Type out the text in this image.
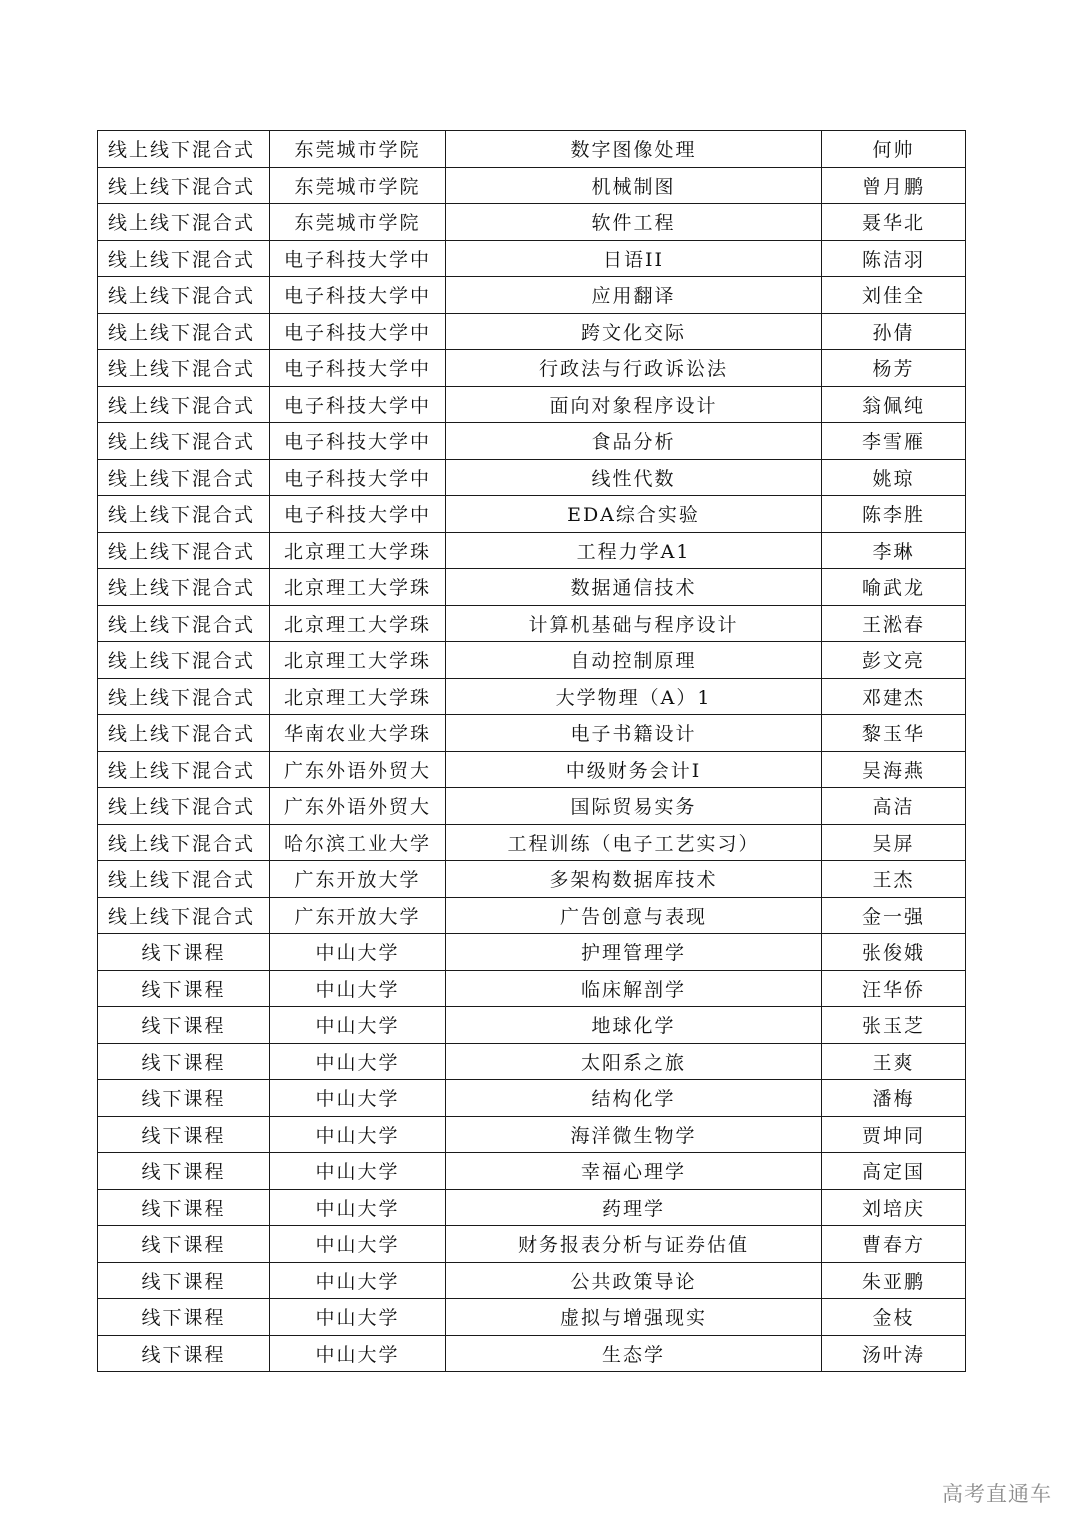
线上线下混合式	东莞城市学院	数字图像处理	何帅
线上线下混合式	东莞城市学院	机械制图	曾月鹏
线上线下混合式	东莞城市学院	软件工程	聂华北
线上线下混合式	电子科技大学中	日语II	陈洁羽
线上线下混合式	电子科技大学中	应用翻译	刘佳全
线上线下混合式	电子科技大学中	跨文化交际	孙倩
线上线下混合式	电子科技大学中	行政法与行政诉讼法	杨芳
线上线下混合式	电子科技大学中	面向对象程序设计	翁佩纯
线上线下混合式	电子科技大学中	食品分析	李雪雁
线上线下混合式	电子科技大学中	线性代数	姚琼
线上线下混合式	电子科技大学中	EDA综合实验	陈李胜
线上线下混合式	北京理工大学珠	工程力学A1	李琳
线上线下混合式	北京理工大学珠	数据通信技术	喻武龙
线上线下混合式	北京理工大学珠	计算机基础与程序设计	王淞春
线上线下混合式	北京理工大学珠	自动控制原理	彭文亮
线上线下混合式	北京理工大学珠	大学物理（A）1	邓建杰
线上线下混合式	华南农业大学珠	电子书籍设计	黎玉华
线上线下混合式	广东外语外贸大	中级财务会计I	吴海燕
线上线下混合式	广东外语外贸大	国际贸易实务	高洁
线上线下混合式	哈尔滨工业大学	工程训练（电子工艺实习）	吴屏
线上线下混合式	广东开放大学	多架构数据库技术	王杰
线上线下混合式	广东开放大学	广告创意与表现	金一强
线下课程	中山大学	护理管理学	张俊娥
线下课程	中山大学	临床解剖学	汪华侨
线下课程	中山大学	地球化学	张玉芝
线下课程	中山大学	太阳系之旅	王爽
线下课程	中山大学	结构化学	潘梅
线下课程	中山大学	海洋微生物学	贾坤同
线下课程	中山大学	幸福心理学	高定国
线下课程	中山大学	药理学	刘培庆
线下课程	中山大学	财务报表分析与证券估值	曹春方
线下课程	中山大学	公共政策导论	朱亚鹏
线下课程	中山大学	虚拟与增强现实	金枝
线下课程	中山大学	生态学	汤叶涛
高考直通车
